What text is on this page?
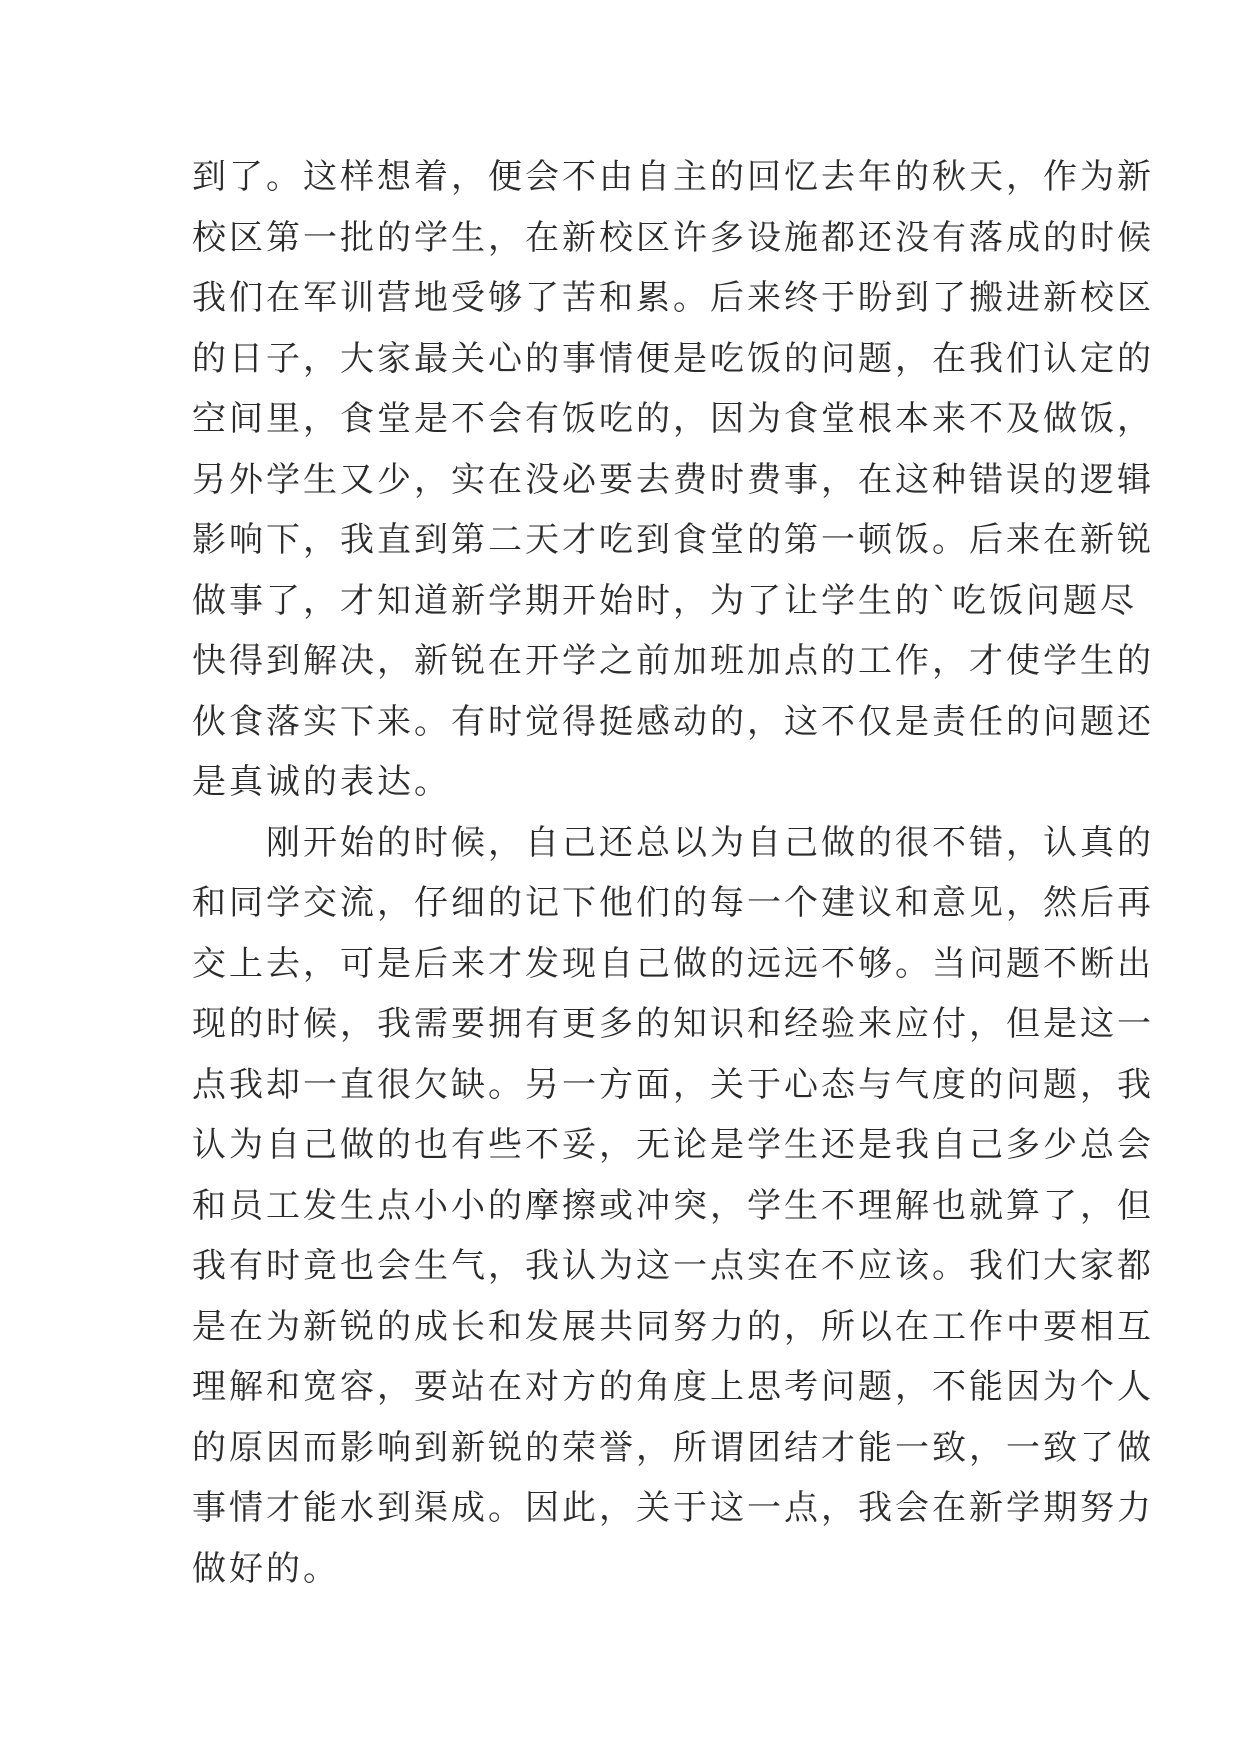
到了。这样想着，便会不由自主的回忆去年的秋天，作为新
校区第一批的学生，在新校区许多设施都还没有落成的时候
我们在军训营地受够了苦和累。后来终于盼到了搬进新校区
的日子，大家最关心的事情便是吃饭的问题，在我们认定的
空间里，食堂是不会有饭吃的，因为食堂根本来不及做饭，
另外学生又少，实在没必要去费时费事，在这种错误的逻辑
影响下，我直到第二天才吃到食堂的第一顿饭。后来在新锐
做事了，才知道新学期开始时，为了让学生的`吃饭问题尽
快得到解决，新锐在开学之前加班加点的工作，才使学生的
伙食落实下来。有时觉得挺感动的，这不仅是责任的问题还
是真诚的表达。
　　刚开始的时候，自己还总以为自己做的很不错，认真的
和同学交流，仔细的记下他们的每一个建议和意见，然后再
交上去，可是后来才发现自己做的远远不够。当问题不断出
现的时候，我需要拥有更多的知识和经验来应付，但是这一
点我却一直很欠缺。另一方面，关于心态与气度的问题，我
认为自己做的也有些不妥，无论是学生还是我自己多少总会
和员工发生点小小的摩擦或冲突，学生不理解也就算了，但
我有时竟也会生气，我认为这一点实在不应该。我们大家都
是在为新锐的成长和发展共同努力的，所以在工作中要相互
理解和宽容，要站在对方的角度上思考问题，不能因为个人
的原因而影响到新锐的荣誉，所谓团结才能一致，一致了做
事情才能水到渠成。因此，关于这一点，我会在新学期努力
做好的。
